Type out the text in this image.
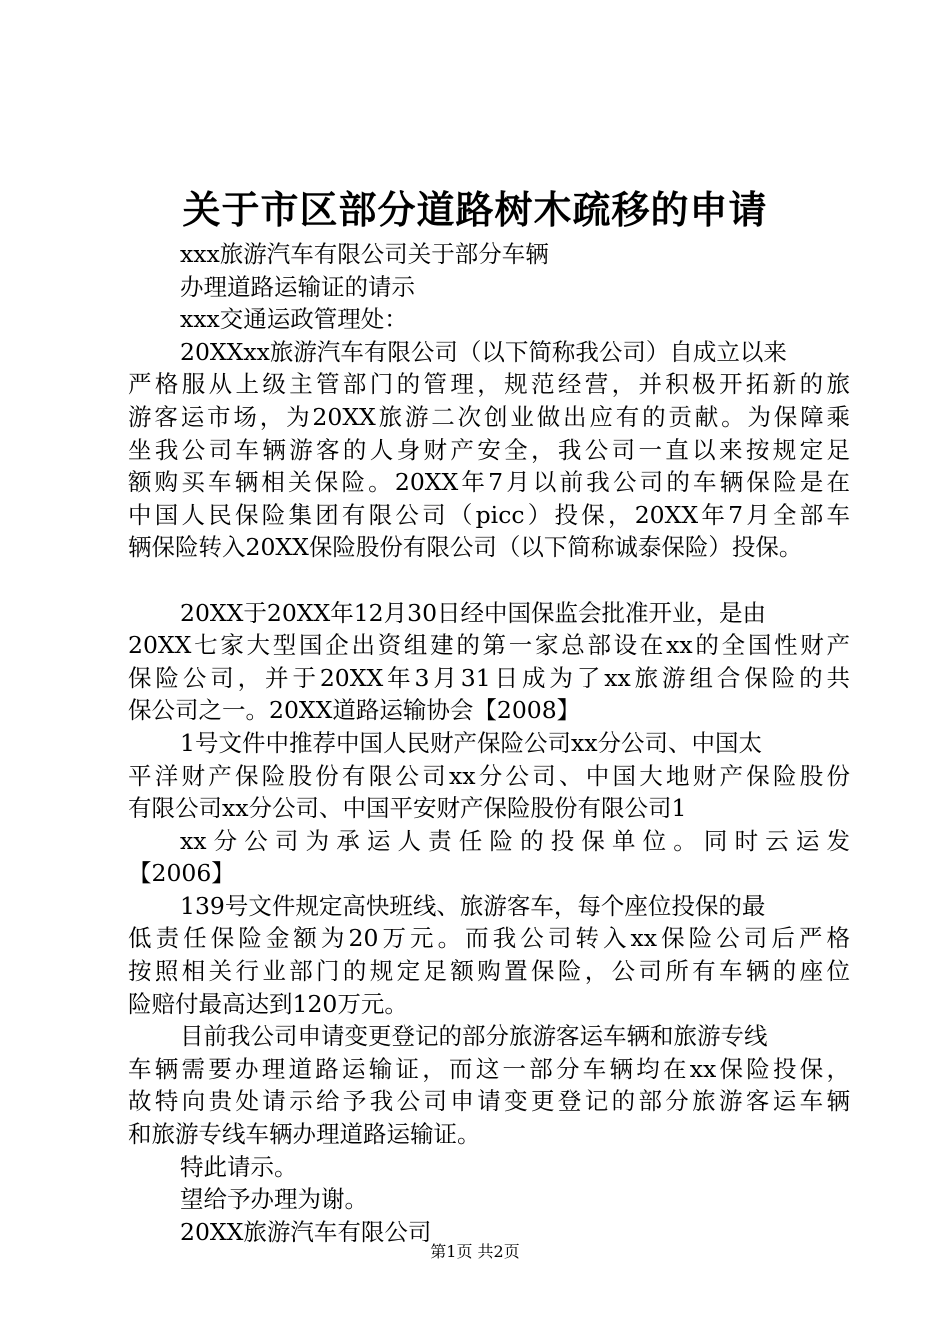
关于市区部分道路树木疏移的申请
xxx旅游汽车有限公司关于部分车辆
办理道路运输证的请示
xxx交通运政管理处：
20XXxx旅游汽车有限公司（以下简称我公司）自成立以来
严格服从上级主管部门的管理，规范经营，并积极开拓新的旅
游客运市场，为20XX旅游二次创业做出应有的贡献。为保障乘
坐我公司车辆游客的人身财产安全，我公司一直以来按规定足
额购买车辆相关保险。20XX年7月以前我公司的车辆保险是在
中国人民保险集团有限公司（picc）投保，20XX年7月全部车
辆保险转入20XX保险股份有限公司（以下简称诚泰保险）投保。
20XX于20XX年12月30日经中国保监会批准开业，是由
20XX七家大型国企出资组建的第一家总部设在xx的全国性财产
保险公司，并于20XX年3月31日成为了xx旅游组合保险的共
保公司之一。20XX道路运输协会【2008】
1号文件中推荐中国人民财产保险公司xx分公司、中国太
平洋财产保险股份有限公司xx分公司、中国大地财产保险股份
有限公司xx分公司、中国平安财产保险股份有限公司1
xx分公司为承运人责任险的投保单位。同时云运发
【2006】
139号文件规定高快班线、旅游客车，每个座位投保的最
低责任保险金额为20万元。而我公司转入xx保险公司后严格
按照相关行业部门的规定足额购置保险，公司所有车辆的座位
险赔付最高达到120万元。
目前我公司申请变更登记的部分旅游客运车辆和旅游专线
车辆需要办理道路运输证，而这一部分车辆均在xx保险投保，
故特向贵处请示给予我公司申请变更登记的部分旅游客运车辆
和旅游专线车辆办理道路运输证。
特此请示。
望给予办理为谢。
20XX旅游汽车有限公司
第1页 共2页
